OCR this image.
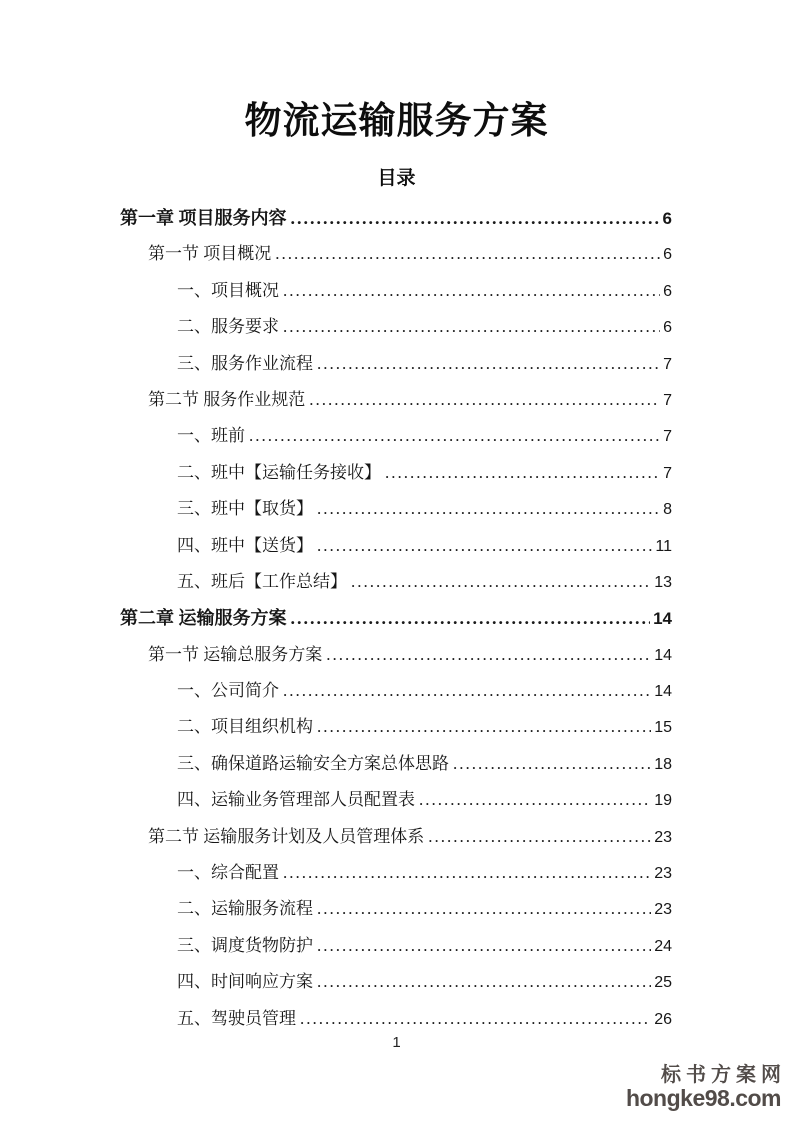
物流运输服务方案
目录
第一章 项目服务内容 .....	6
第一节 项目概况 .....	6
一、项目概况 .....	6
二、服务要求 .....	6
三、服务作业流程 .....	7
第二节 服务作业规范 .....	7
一、班前 .....	7
二、班中【运输任务接收】 .....	7
三、班中【取货】 .....	8
四、班中【送货】 .....	11
五、班后【工作总结】 .....	13
第二章 运输服务方案 .....	14
第一节 运输总服务方案 .....	14
一、公司简介 .....	14
二、项目组织机构 .....	15
三、确保道路运输安全方案总体思路 .....	18
四、运输业务管理部人员配置表 .....	19
第二节 运输服务计划及人员管理体系 .....	23
一、综合配置 .....	23
二、运输服务流程 .....	23
三、调度货物防护 .....	24
四、时间响应方案 .....	25
五、驾驶员管理 .....	26
1
标书方案网
hongke98.com
